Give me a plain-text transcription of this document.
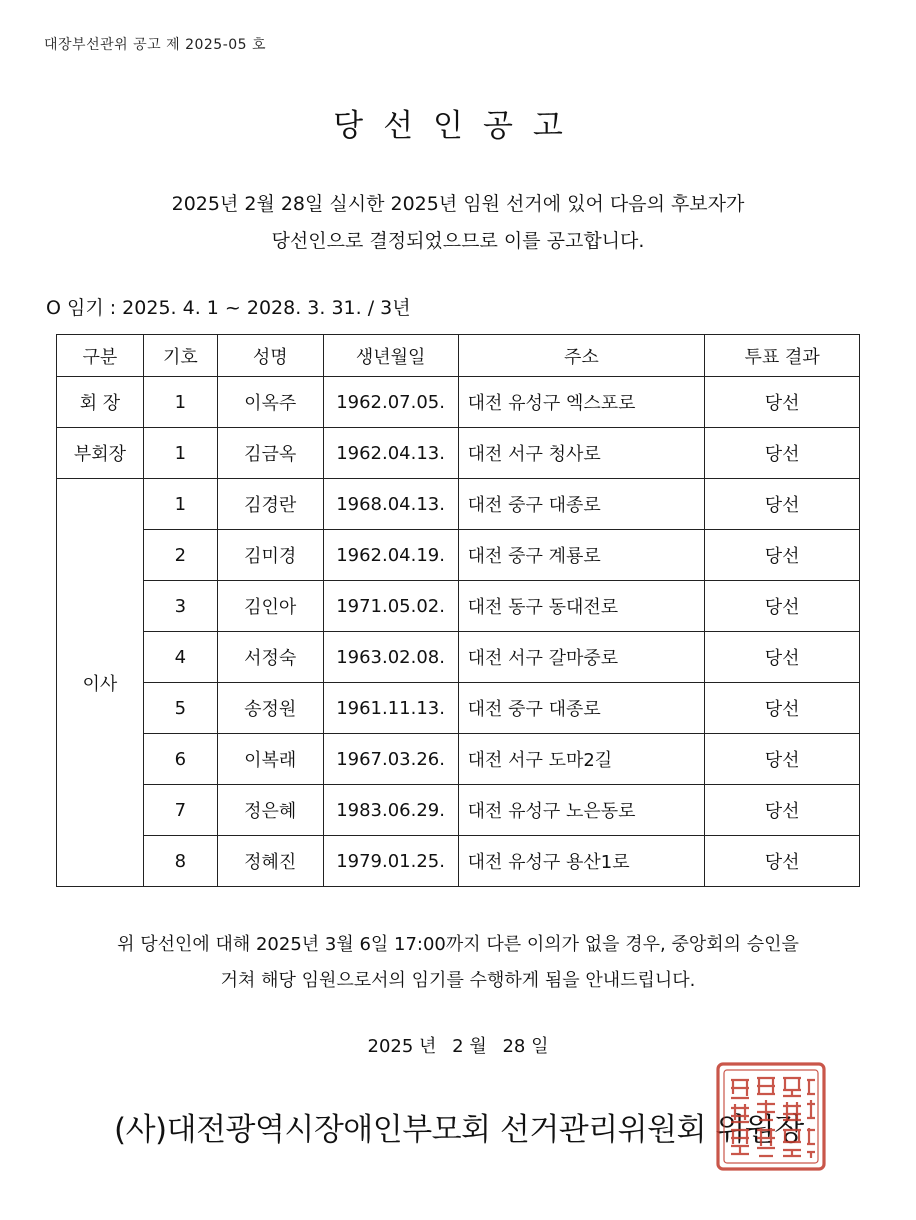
대장부선관위 공고 제 2025-05 호
당선인공고
2025년 2월 28일 실시한 2025년 임원 선거에 있어 다음의 후보자가
당선인으로 결정되었으므로 이를 공고합니다.
O 임기 : 2025. 4. 1 ~ 2028. 3. 31. / 3년
구분	기호	성명	생년월일	주소	투표 결과
회 장	1	이옥주	1962.07.05.	대전 유성구 엑스포로	당선
부회장	1	김금옥	1962.04.13.	대전 서구 청사로	당선
이사	1	김경란	1968.04.13.	대전 중구 대종로	당선
	2	김미경	1962.04.19.	대전 중구 계룡로	당선
	3	김인아	1971.05.02.	대전 동구 동대전로	당선
	4	서정숙	1963.02.08.	대전 서구 갈마중로	당선
	5	송정원	1961.11.13.	대전 중구 대종로	당선
	6	이복래	1967.03.26.	대전 서구 도마2길	당선
	7	정은혜	1983.06.29.	대전 유성구 노은동로	당선
	8	정혜진	1979.01.25.	대전 유성구 용산1로	당선
위 당선인에 대해 2025년 3월 6일 17:00까지 다른 이의가 없을 경우, 중앙회의 승인을
거쳐 해당 임원으로서의 임기를 수행하게 됨을 안내드립니다.
2025 년 2 월 28 일
(사)대전광역시장애인부모회 선거관리위원회 위원장
